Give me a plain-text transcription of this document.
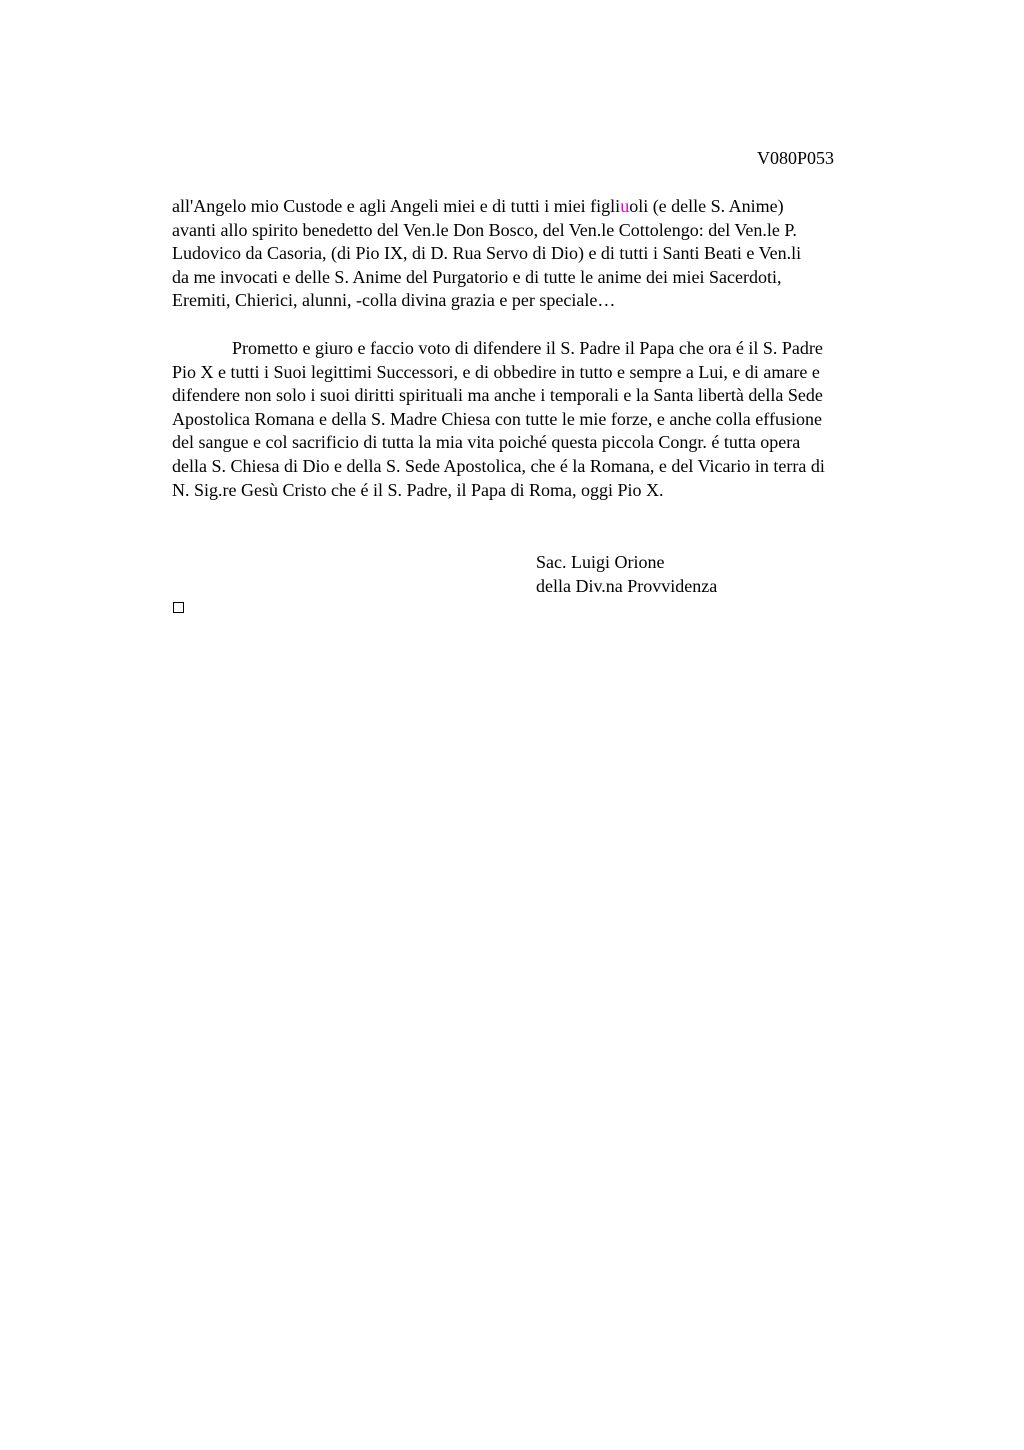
V080P053
all'Angelo mio Custode e agli Angeli miei e di tutti i miei figliuoli (e delle S. Anime)
avanti allo spirito benedetto del Ven.le Don Bosco, del Ven.le Cottolengo: del Ven.le P.
Ludovico da Casoria, (di Pio IX, di D. Rua Servo di Dio) e di tutti i Santi Beati e Ven.li
da me invocati e delle S. Anime del Purgatorio e di tutte le anime dei miei Sacerdoti,
Eremiti, Chierici, alunni, -colla divina grazia e per speciale…
Prometto e giuro e faccio voto di difendere il S. Padre il Papa che ora é il S. Padre
Pio X e tutti i Suoi legittimi Successori, e di obbedire in tutto e sempre a Lui, e di amare e
difendere non solo i suoi diritti spirituali ma anche i temporali e la Santa libertà della Sede
Apostolica Romana e della S. Madre Chiesa con tutte le mie forze, e anche colla effusione
del sangue e col sacrificio di tutta la mia vita poiché questa piccola Congr. é tutta opera
della S. Chiesa di Dio e della S. Sede Apostolica, che é la Romana, e del Vicario in terra di
N. Sig.re Gesù Cristo che é il S. Padre, il Papa di Roma, oggi Pio X.
Sac. Luigi Orione
della Div.na Provvidenza
